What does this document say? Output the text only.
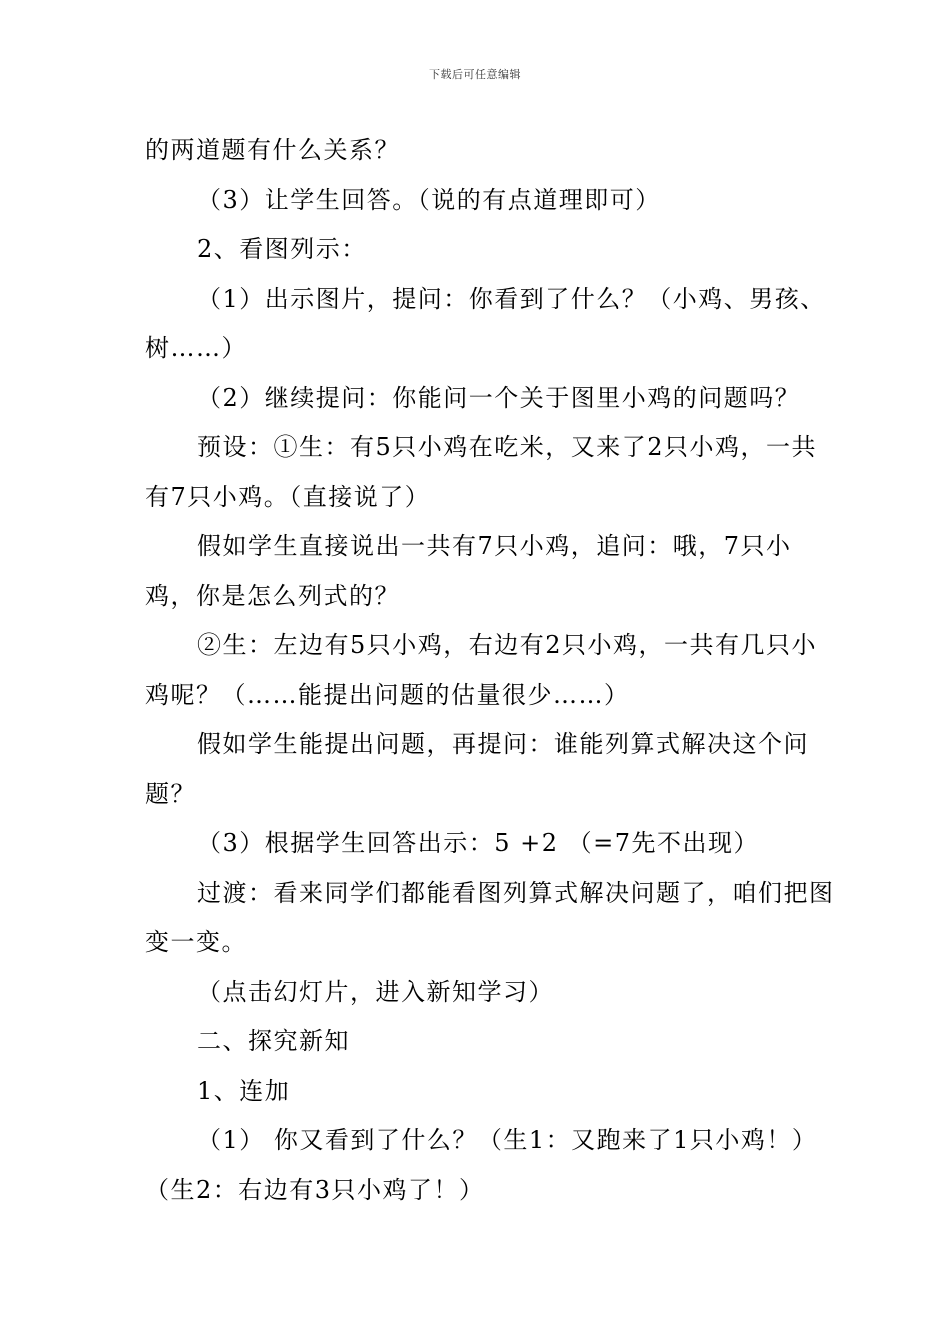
下载后可任意编辑

的两道题有什么关系？

（3）让学生回答。（说的有点道理即可）

2、看图列示：

（1）出示图片，提问：你看到了什么？（小鸡、男孩、树……）

（2）继续提问：你能问一个关于图里小鸡的问题吗？

预设：①生：有5只小鸡在吃米，又来了2只小鸡，一共有7只小鸡。（直接说了）

假如学生直接说出一共有7只小鸡，追问：哦，7只小鸡，你是怎么列式的？

②生：左边有5只小鸡，右边有2只小鸡，一共有几只小鸡呢？（……能提出问题的估量很少……）

假如学生能提出问题，再提问：谁能列算式解决这个问题？

（3）根据学生回答出示：5 +2 （=7先不出现）

过渡：看来同学们都能看图列算式解决问题了，咱们把图变一变。

（点击幻灯片，进入新知学习）

二、探究新知

1、连加

（1） 你又看到了什么？（生1：又跑来了1只小鸡！）（生2：右边有3只小鸡了！）
